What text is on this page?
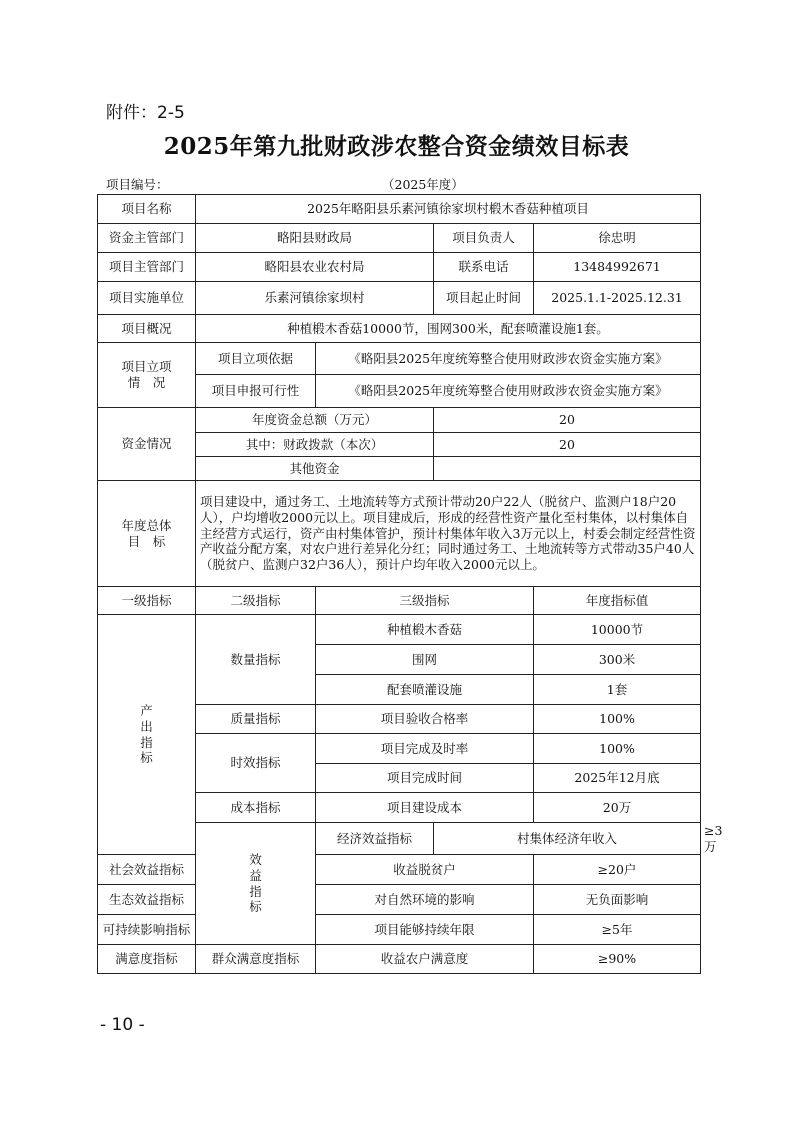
附件：2-5
2025年第九批财政涉农整合资金绩效目标表
项目编号：	（2025年度）
项目名称	2025年略阳县乐素河镇徐家坝村椴木香菇种植项目				
资金主管部门	略阳县财政局		项目负责人	徐忠明	
项目主管部门	略阳县农业农村局		联系电话	13484992671	
项目实施单位	乐素河镇徐家坝村		项目起止时间	2025.1.1-2025.12.31	
项目概况	种植椴木香菇10000节，围网300米，配套喷灌设施1套。				

项目立项
情　况	项目立项依据	《略阳县2025年度统筹整合使用财政涉农资金实施方案》			
	项目申报可行性	《略阳县2025年度统筹整合使用财政涉农资金实施方案》			
资金情况	年度资金总额（万元）		20		
	其中：财政拨款（本次）		20		
	其他资金				

年度总体
目　标	项目建设中，通过务工、土地流转等方式预计带动20户22人（脱贫户、监测户18户20人），户均增收2000元以上。项目建成后，形成的经营性资产量化至村集体，以村集体自主经营方式运行，资产由村集体管护，预计村集体年收入3万元以上，村委会制定经营性资产收益分配方案，对农户进行差异化分红；同时通过务工、土地流转等方式带动35户40人（脱贫户、监测户32户36人），预计户均年收入2000元以上。				
一级指标	二级指标	三级指标		年度指标值	

产
出
指
标	数量指标	种植椴木香菇		10000节	
		围网		300米	
		配套喷灌设施		1套	
	质量指标	项目验收合格率		100%	
	时效指标	项目完成及时率		100%	
		项目完成时间		2025年12月底	
	成本指标	项目建设成本		20万	

	效
益
指
标	经济效益指标	村集体经济年收入		≥3万
社会效益指标		收益脱贫户		≥20户	
生态效益指标		对自然环境的影响		无负面影响	
可持续影响指标		项目能够持续年限		≥5年	
满意度指标	群众满意度指标	收益农户满意度		≥90%	
- 10 -
